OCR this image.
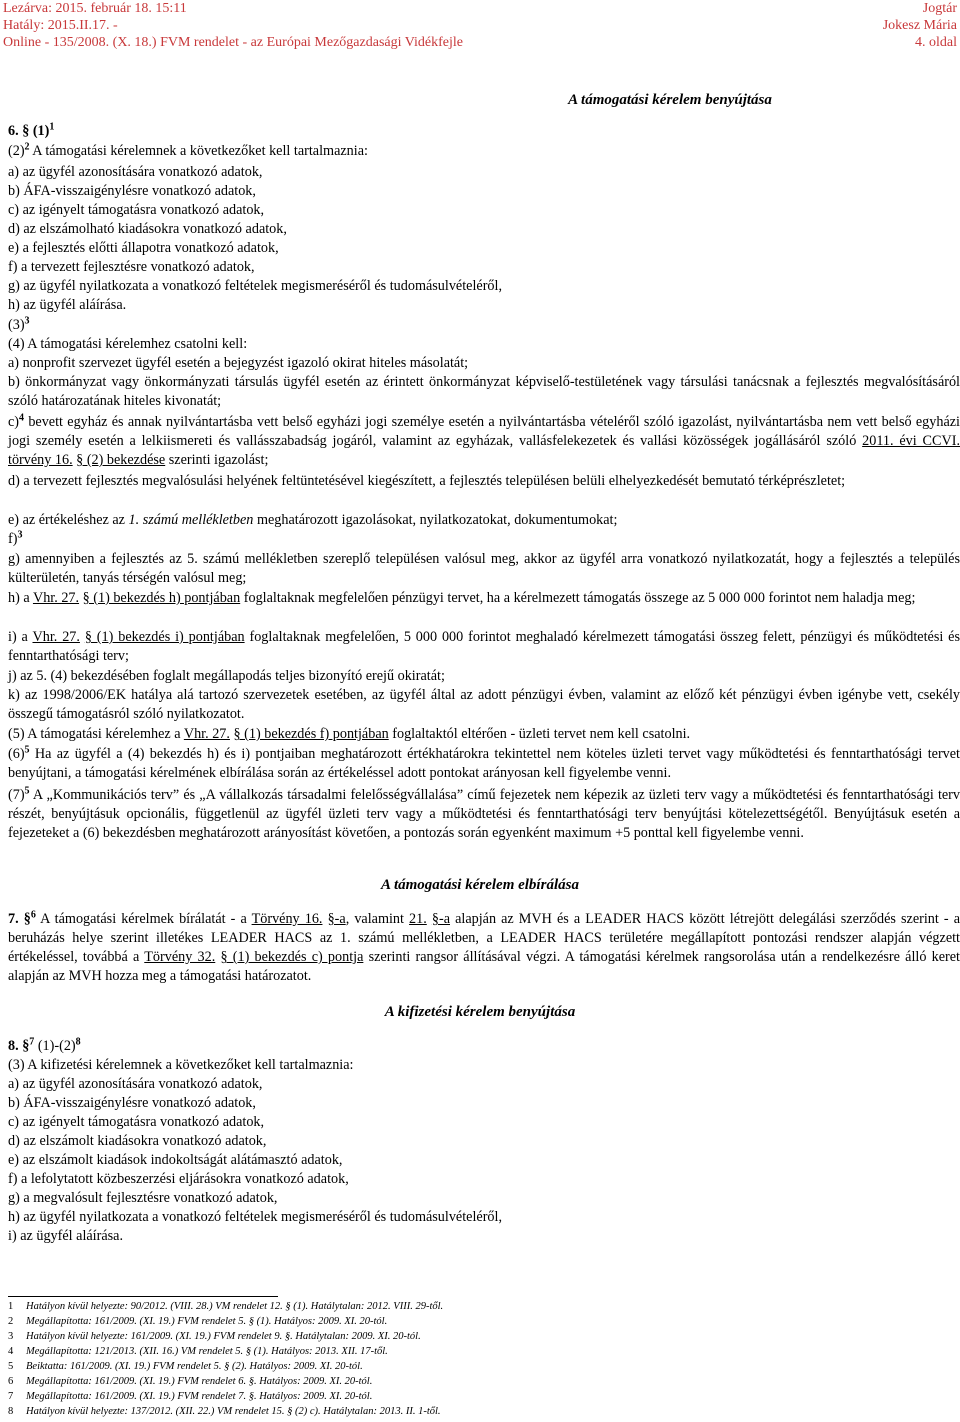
Lezárva: 2015. február 18. 15:11
Hatály: 2015.II.17. -
Online - 135/2008. (X. 18.) FVM rendelet - az Európai Mezőgazdasági Vidékfejle
Jogtár
Jokesz Mária
4. oldal
A támogatási kérelem benyújtása
6. § $(1)^1$
$(2)^2$ A támogatási kérelemnek a következőket kell tartalmaznia:
a) az ügyfél azonosítására vonatkozó adatok,
b) ÁFA-visszaigénylésre vonatkozó adatok,
c) az igényelt támogatásra vonatkozó adatok,
d) az elszámolható kiadásokra vonatkozó adatok,
e) a fejlesztés előtti állapotra vonatkozó adatok,
f) a tervezett fejlesztésre vonatkozó adatok,
g) az ügyfél nyilatkozata a vonatkozó feltételek megismeréséről és tudomásulvételéről,
h) az ügyfél aláírása.
$(3)^3$
(4) A támogatási kérelemhez csatolni kell:
a) nonprofit szervezet ügyfél esetén a bejegyzést igazoló okirat hiteles másolatát;
b) önkormányzat vagy önkormányzati társulás ügyfél esetén az érintett önkormányzat képviselő-testületének vagy társulási tanácsnak a fejlesztés megvalósításáról szóló határozatának hiteles kivonatát;
c)$^4$ bevett egyház és annak nyilvántartásba vett belső egyházi jogi személye esetén a nyilvántartásba vételéről szóló igazolást, nyilvántartásba nem vett belső egyházi jogi személy esetén a lelkiismereti és vallásszabadság jogáról, valamint az egyházak, vallásfelekezetek és vallási közösségek jogállásáról szóló 2011. évi CCVI. törvény 16. § (2) bekezdése szerinti igazolást;
d) a tervezett fejlesztés megvalósulási helyének feltüntetésével kiegészített, a fejlesztés településen belüli elhelyezkedését bemutató térképrészletet;
e) az értékeléshez az 1. számú mellékletben meghatározott igazolásokat, nyilatkozatokat, dokumentumokat;
f)$^3$
g) amennyiben a fejlesztés az 5. számú mellékletben szereplő településen valósul meg, akkor az ügyfél arra vonatkozó nyilatkozatát, hogy a fejlesztés a település külterületén, tanyás térségén valósul meg;
h) a Vhr. 27. § (1) bekezdés h) pontjában foglaltaknak megfelelően pénzügyi tervet, ha a kérelmezett támogatás összege az 5 000 000 forintot nem haladja meg;
i) a Vhr. 27. § (1) bekezdés i) pontjában foglaltaknak megfelelően, 5 000 000 forintot meghaladó kérelmezett támogatási összeg felett, pénzügyi és működtetési és fenntarthatósági terv;
j) az 5. (4) bekezdésében foglalt megállapodás teljes bizonyító erejű okiratát;
k) az 1998/2006/EK hatálya alá tartozó szervezetek esetében, az ügyfél által az adott pénzügyi évben, valamint az előző két pénzügyi évben igénybe vett, csekély összegű támogatásról szóló nyilatkozatot.
(5) A támogatási kérelemhez a Vhr. 27. § (1) bekezdés f) pontjában foglaltaktól eltérően - üzleti tervet nem kell csatolni.
$(6)^5$ Ha az ügyfél a (4) bekezdés h) és i) pontjaiban meghatározott értékhatárokra tekintettel nem köteles üzleti tervet vagy működtetési és fenntarthatósági tervet benyújtani, a támogatási kérelmének elbírálása során az értékeléssel adott pontokat arányosan kell figyelembe venni.
$(7)^5$ A „Kommunikációs terv” és „A vállalkozás társadalmi felelősségvállalása” című fejezetek nem képezik az üzleti terv vagy a működtetési és fenntarthatósági terv részét, benyújtásuk opcionális, függetlenül az ügyfél üzleti terv vagy a működtetési és fenntarthatósági terv benyújtási kötelezettségétől. Benyújtásuk esetén a fejezeteket a (6) bekezdésben meghatározott arányosítást követően, a pontozás során egyenként maximum +5 ponttal kell figyelembe venni.
A támogatási kérelem elbírálása
7. §$^6$ A támogatási kérelmek bírálatát - a Törvény 16. §-a, valamint 21. §-a alapján az MVH és a LEADER HACS között létrejött delegálási szerződés szerint - a beruházás helye szerint illetékes LEADER HACS az 1. számú mellékletben, a LEADER HACS területére megállapított pontozási rendszer alapján végzett értékeléssel, továbbá a Törvény 32. § (1) bekezdés c) pontja szerinti rangsor állításával végzi. A támogatási kérelmek rangsorolása után a rendelkezésre álló keret alapján az MVH hozza meg a támogatási határozatot.
A kifizetési kérelem benyújtása
8. §$^7$ $(1)-(2)^8$
(3) A kifizetési kérelemnek a következőket kell tartalmaznia:
a) az ügyfél azonosítására vonatkozó adatok,
b) ÁFA-visszaigénylésre vonatkozó adatok,
c) az igényelt támogatásra vonatkozó adatok,
d) az elszámolt kiadásokra vonatkozó adatok,
e) az elszámolt kiadások indokoltságát alátámasztó adatok,
f) a lefolytatott közbeszerzési eljárásokra vonatkozó adatok,
g) a megvalósult fejlesztésre vonatkozó adatok,
h) az ügyfél nyilatkozata a vonatkozó feltételek megismeréséről és tudomásulvételéről,
i) az ügyfél aláírása.
1 Hatályon kívül helyezte: 90/2012. (VIII. 28.) VM rendelet 12. § (1). Hatálytalan: 2012. VIII. 29-től.
2 Megállapította: 161/2009. (XI. 19.) FVM rendelet 5. § (1). Hatályos: 2009. XI. 20-tól.
3 Hatályon kívül helyezte: 161/2009. (XI. 19.) FVM rendelet 9. §. Hatálytalan: 2009. XI. 20-tól.
4 Megállapította: 121/2013. (XII. 16.) VM rendelet 5. § (1). Hatályos: 2013. XII. 17-től.
5 Beiktatta: 161/2009. (XI. 19.) FVM rendelet 5. § (2). Hatályos: 2009. XI. 20-tól.
6 Megállapította: 161/2009. (XI. 19.) FVM rendelet 6. §. Hatályos: 2009. XI. 20-tól.
7 Megállapította: 161/2009. (XI. 19.) FVM rendelet 7. §. Hatályos: 2009. XI. 20-tól.
8 Hatályon kívül helyezte: 137/2012. (XII. 22.) VM rendelet 15. § (2) c). Hatálytalan: 2013. II. 1-től.
